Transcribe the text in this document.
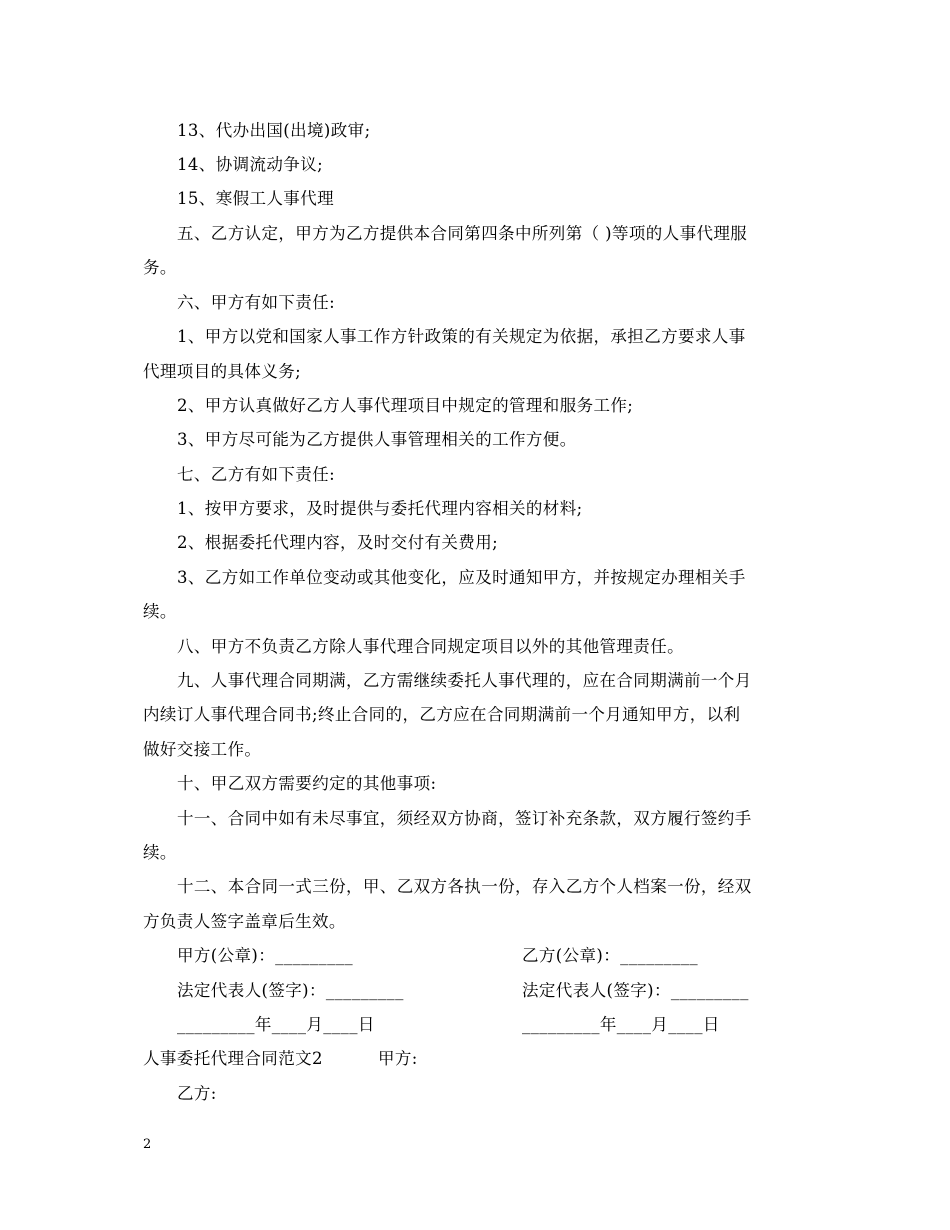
13、代办出国(出境)政审;
14、协调流动争议;
15、寒假工人事代理
五、乙方认定，甲方为乙方提供本合同第四条中所列第（ )等项的人事代理服
务。
六、甲方有如下责任:
1、甲方以党和国家人事工作方针政策的有关规定为依据，承担乙方要求人事
代理项目的具体义务;
2、甲方认真做好乙方人事代理项目中规定的管理和服务工作;
3、甲方尽可能为乙方提供人事管理相关的工作方便。
七、乙方有如下责任:
1、按甲方要求，及时提供与委托代理内容相关的材料;
2、根据委托代理内容，及时交付有关费用;
3、乙方如工作单位变动或其他变化，应及时通知甲方，并按规定办理相关手
续。
八、甲方不负责乙方除人事代理合同规定项目以外的其他管理责任。
九、人事代理合同期满，乙方需继续委托人事代理的，应在合同期满前一个月
内续订人事代理合同书;终止合同的，乙方应在合同期满前一个月通知甲方，以利
做好交接工作。
十、甲乙双方需要约定的其他事项:
十一、合同中如有未尽事宜，须经双方协商，签订补充条款，双方履行签约手
续。
十二、本合同一式三份，甲、乙双方各执一份，存入乙方个人档案一份，经双
方负责人签字盖章后生效。
甲方(公章)：_________	乙方(公章)：_________
法定代表人(签字)：_________	法定代表人(签字)：_________
_________年____月____日	_________年____月____日
人事委托代理合同范文2	甲方:
乙方:
2
